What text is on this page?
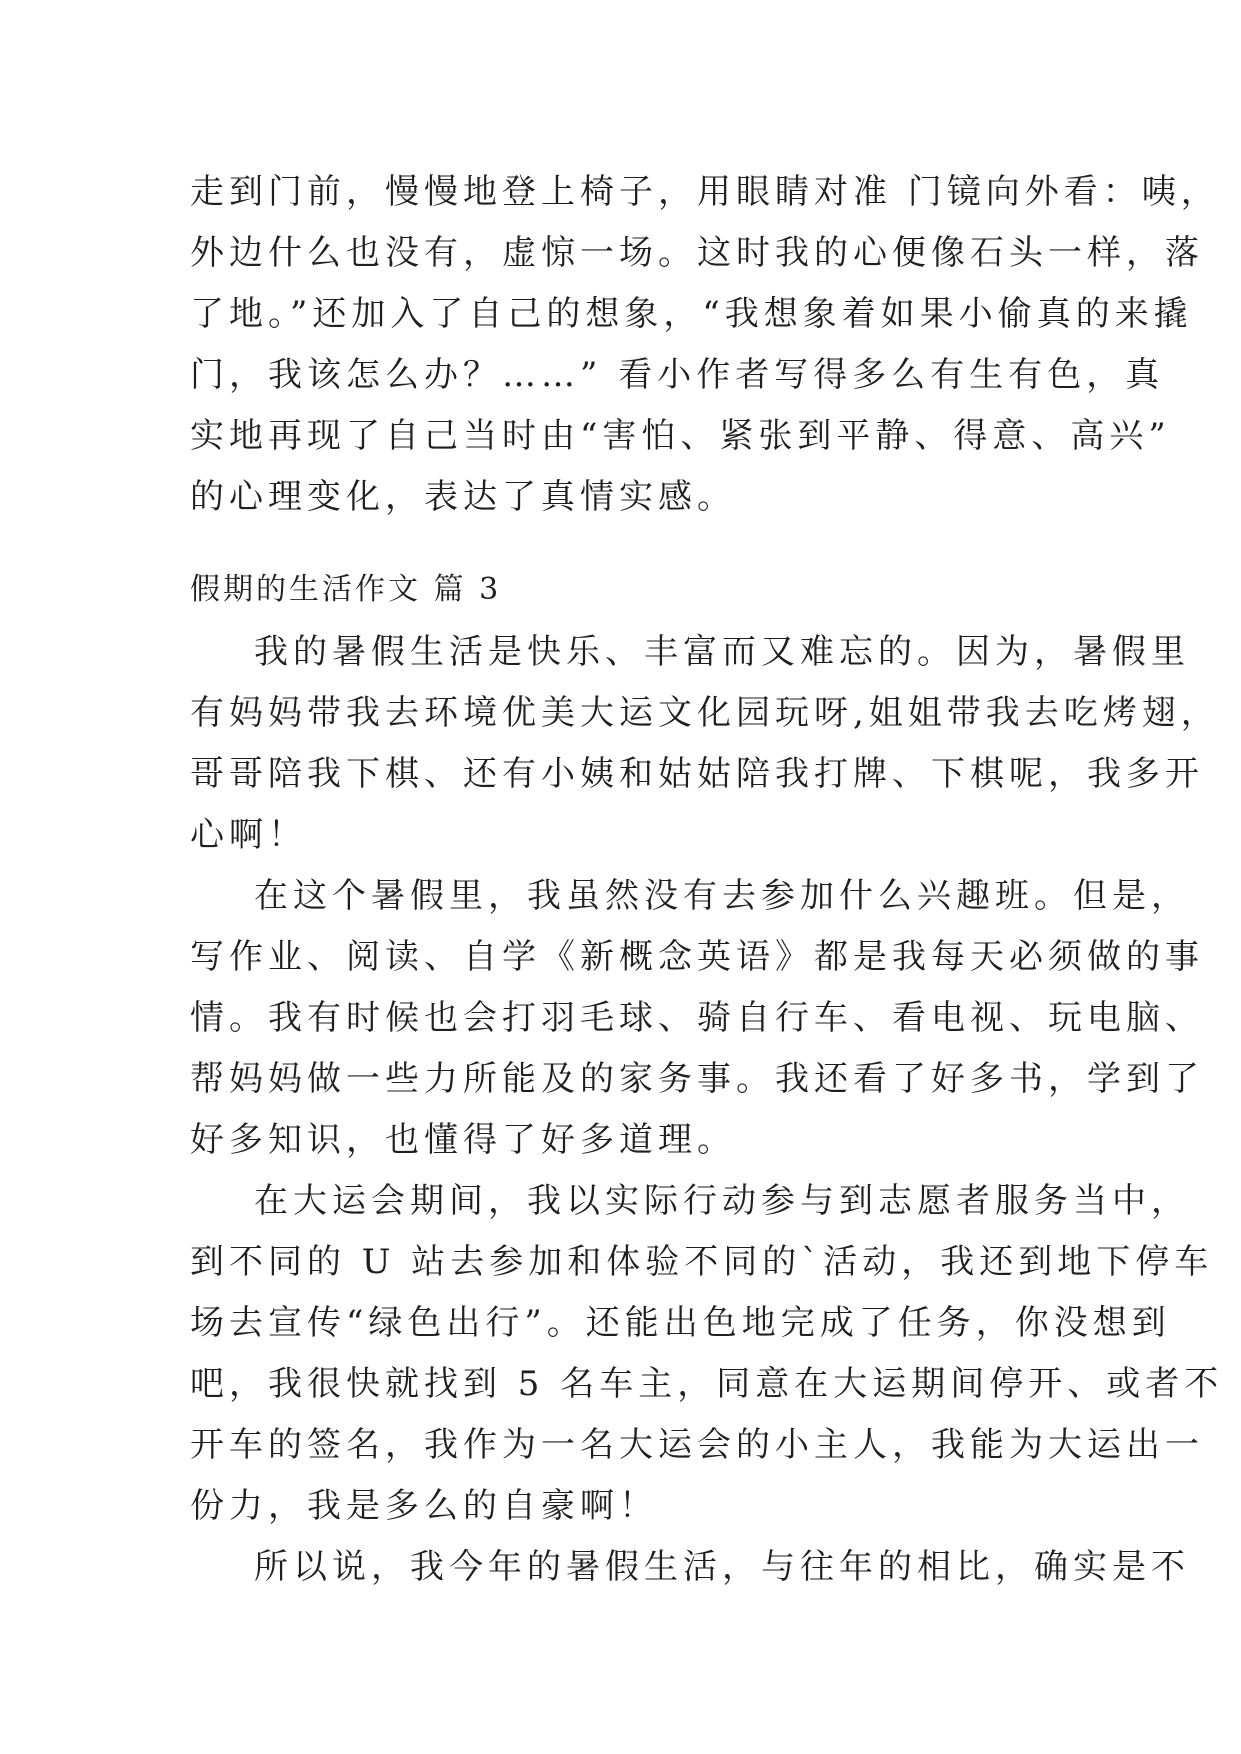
走到门前，慢慢地登上椅子，用眼睛对准 门镜向外看：咦，
外边什么也没有，虚惊一场。这时我的心便像石头一样，落
了地。”还加入了自己的想象，“我想象着如果小偷真的来撬
门，我该怎么办？……” 看小作者写得多么有生有色，真
实地再现了自己当时由“害怕、紧张到平静、得意、高兴”
的心理变化，表达了真情实感。
假期的生活作文 篇 3
我的暑假生活是快乐、丰富而又难忘的。因为，暑假里
有妈妈带我去环境优美大运文化园玩呀,姐姐带我去吃烤翅，
哥哥陪我下棋、还有小姨和姑姑陪我打牌、下棋呢，我多开
心啊！
在这个暑假里，我虽然没有去参加什么兴趣班。但是，
写作业、阅读、自学《新概念英语》都是我每天必须做的事
情。我有时候也会打羽毛球、骑自行车、看电视、玩电脑、
帮妈妈做一些力所能及的家务事。我还看了好多书，学到了
好多知识，也懂得了好多道理。
在大运会期间，我以实际行动参与到志愿者服务当中，
到不同的 U 站去参加和体验不同的`活动，我还到地下停车
场去宣传“绿色出行”。还能出色地完成了任务，你没想到
吧，我很快就找到 5 名车主，同意在大运期间停开、或者不
开车的签名，我作为一名大运会的小主人，我能为大运出一
份力，我是多么的自豪啊！
所以说，我今年的暑假生活，与往年的相比，确实是不
